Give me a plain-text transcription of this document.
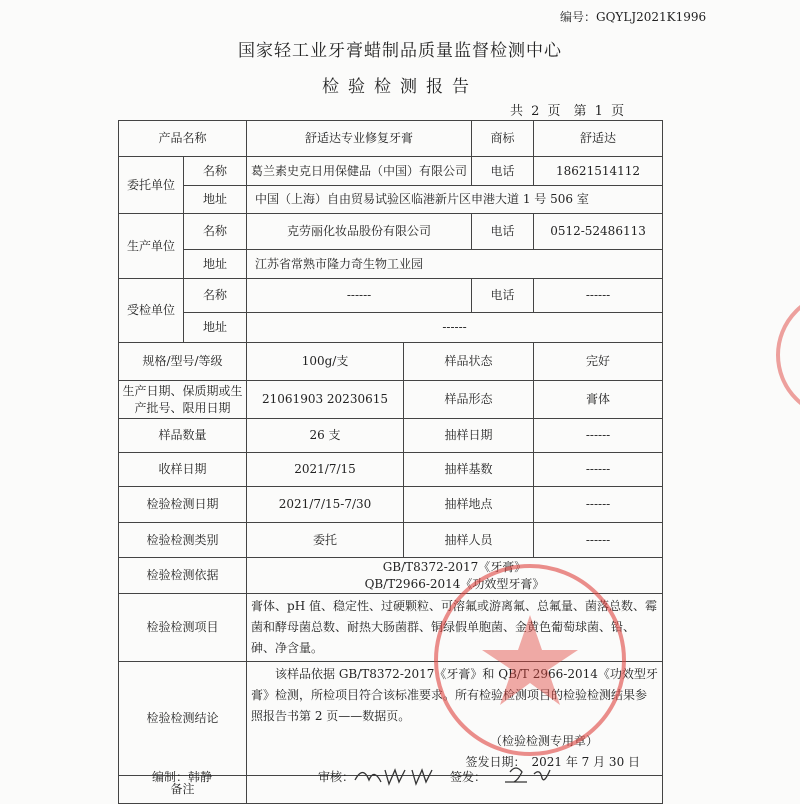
编号：GQYLJ2021K1996
国家轻工业牙膏蜡制品质量监督检测中心
检验检测报告
共 2 页　第 1 页
产品名称		舒适达专业修复牙膏		商标	舒适达
委托单位	名称	葛兰素史克日用保健品（中国）有限公司		电话	18621514112
	地址	中国（上海）自由贸易试验区临港新片区申港大道 1 号 506 室			
生产单位	名称	克劳丽化妆品股份有限公司		电话	0512-52486113
	地址	江苏省常熟市隆力奇生物工业园			
受检单位	名称	------		电话	------
	地址	------			
规格/型号/等级		100g/支	样品状态		完好
生产日期、保质期或生产批号、限用日期		21061903 20230615	样品形态		膏体
样品数量		26 支	抽样日期		------
收样日期		2021/7/15	抽样基数		------
检验检测日期		2021/7/15-7/30	抽样地点		------
检验检测类别		委托	抽样人员		------
检验检测依据		GB/T8372-2017《牙膏》
QB/T2966-2014《功效型牙膏》			

检验检测项目		膏体、pH 值、稳定性、过硬颗粒、可溶氟或游离氟、总氟量、菌落总数、霉菌和酵母菌总数、耐热大肠菌群、铜绿假单胞菌、金黄色葡萄球菌、铅、砷、净含量。			
检验检测结论		该样品依据 GB/T8372-2017《牙膏》和 QB/T 2966-2014《功效型牙膏》检测，所检项目符合该标准要求。所有检验检测项目的检验检测结果参照报告书第 2 页——数据页。
（检验检测专用章）
签发日期：　2021 年 7 月 30 日			

备注					
编制：韩静	审核：	签发：
